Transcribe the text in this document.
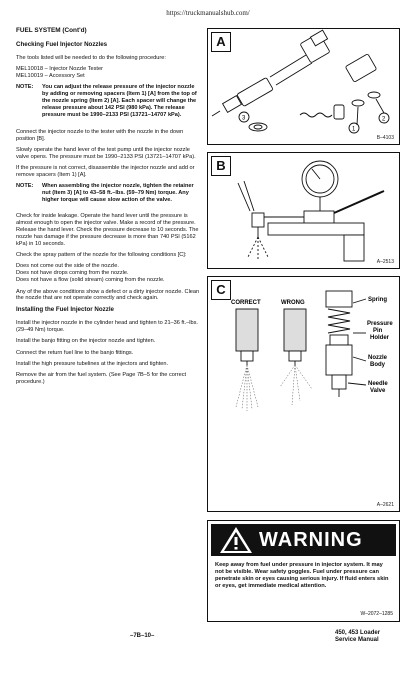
https://truckmanualshub.com/

FUEL SYSTEM (Cont'd)

Checking Fuel Injector Nozzles

The tools listed will be needed to do the following procedure:

MEL10018 – Injector Nozzle Tester

MEL10019 – Accessory Set

NOTE:	You can adjust the release pressure of the injector nozzle by adding or removing spacers (Item 1) [A] from the top of the nozzle spring (Item 2) [A]. Each spacer will change the release pressure about 142 PSI (980 kPa). The release pressure must be 1990–2133 PSI (13721–14707 kPa).

Connect the injector nozzle to the tester with the nozzle in the down position [B].

Slowly operate the hand lever of the test pump until the injector nozzle valve opens. The pressure must be 1990–2133 PSI (13721–14707 kPa).

If the pressure is not correct, disassemble the injector nozzle and add or remove spacers (Item 1) [A].

NOTE:	When assembling the injector nozzle, tighten the retainer nut (Item 3) [A] to 43–58 ft.–lbs. (59–79 Nm) torque. Any higher torque will cause slow action of the valve.

Check for inside leakage. Operate the hand lever until the pressure is almost enough to open the injector valve. Make a record of the pressure. Release the hand lever. Check the pressure decrease to 10 seconds. The nozzle has damage if the pressure decrease is more than 740 PSI (5162 kPa) in 10 seconds.

Check the spray pattern of the nozzle for the following conditions [C]:

Does not come out the side of the nozzle.

Does not have drops coming from the nozzle.

Does not have a flow (solid stream) coming from the nozzle.

Any of the above conditions show a defect or a dirty injector nozzle. Clean the nozzle that are not operate correctly and check again.

Installing the Fuel Injector Nozzle

Install the injector nozzle in the cylinder head and tighten to 21–36 ft.–lbs. (29–49 Nm) torque.

Install the banjo fitting on the injector nozzle and tighten.

Connect the return fuel line to the banjo fittings.

Install the high pressure tubelines at the injectors and tighten.

Remove the air from the fuel system. (See Page 7B–5 for the correct procedure.)

3
1
2
A
B–4103
B
A–2513
CORRECT	WRONG	Spring
Pressure
Pin
Holder
Nozzle
Body
Needle
Valve
C
A–2621
WARNING
Keep away from fuel under pressure in injector system. It may not be visible. Wear safety goggles. Fuel under pressure can penetrate skin or eyes causing serious injury. If fluid enters skin or eyes, get immediate medical attention.
W–2072–1285
–7B–10–	450, 453 Loader
Service Manual
